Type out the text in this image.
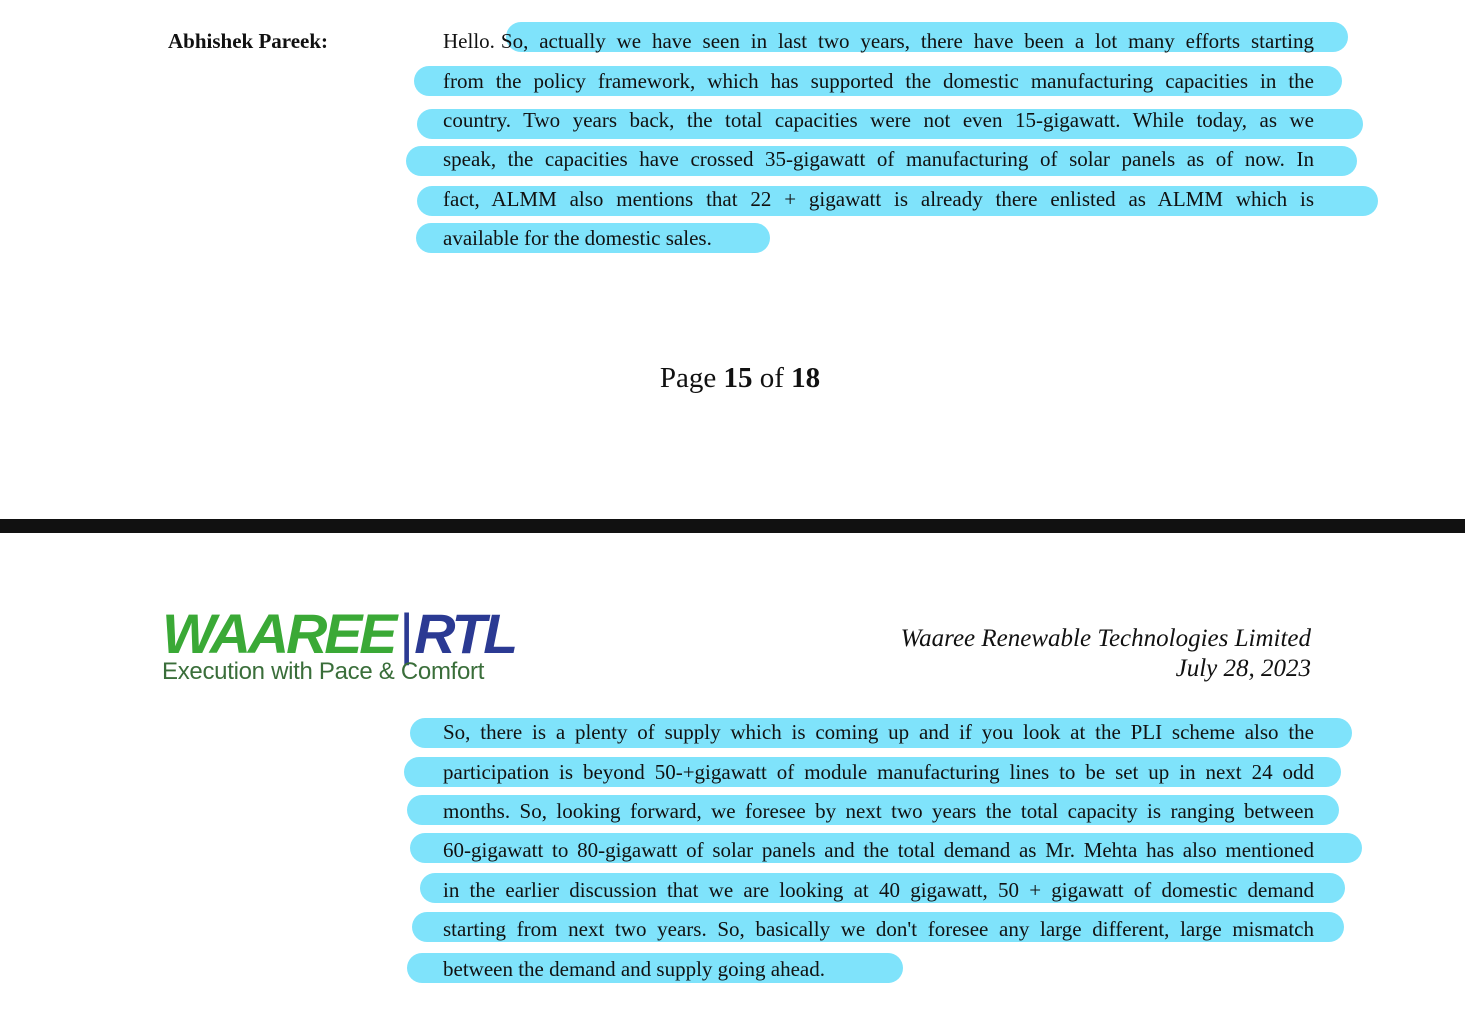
Abhishek Pareek:	Hello. So, actually we have seen in last two years, there have been a lot many efforts starting
from the policy framework, which has supported the domestic manufacturing capacities in the
country. Two years back, the total capacities were not even 15-gigawatt. While today, as we
speak, the capacities have crossed 35-gigawatt of manufacturing of solar panels as of now. In
fact, ALMM also mentions that 22 + gigawatt is already there enlisted as ALMM which is
available for the domestic sales.
Page 15 of 18
WAAREE|RTL
Execution with Pace & Comfort
Waaree Renewable Technologies Limited
July 28, 2023
So, there is a plenty of supply which is coming up and if you look at the PLI scheme also the
participation is beyond 50-+gigawatt of module manufacturing lines to be set up in next 24 odd
months. So, looking forward, we foresee by next two years the total capacity is ranging between
60-gigawatt to 80-gigawatt of solar panels and the total demand as Mr. Mehta has also mentioned
in the earlier discussion that we are looking at 40 gigawatt, 50 + gigawatt of domestic demand
starting from next two years. So, basically we don't foresee any large different, large mismatch
between the demand and supply going ahead.
